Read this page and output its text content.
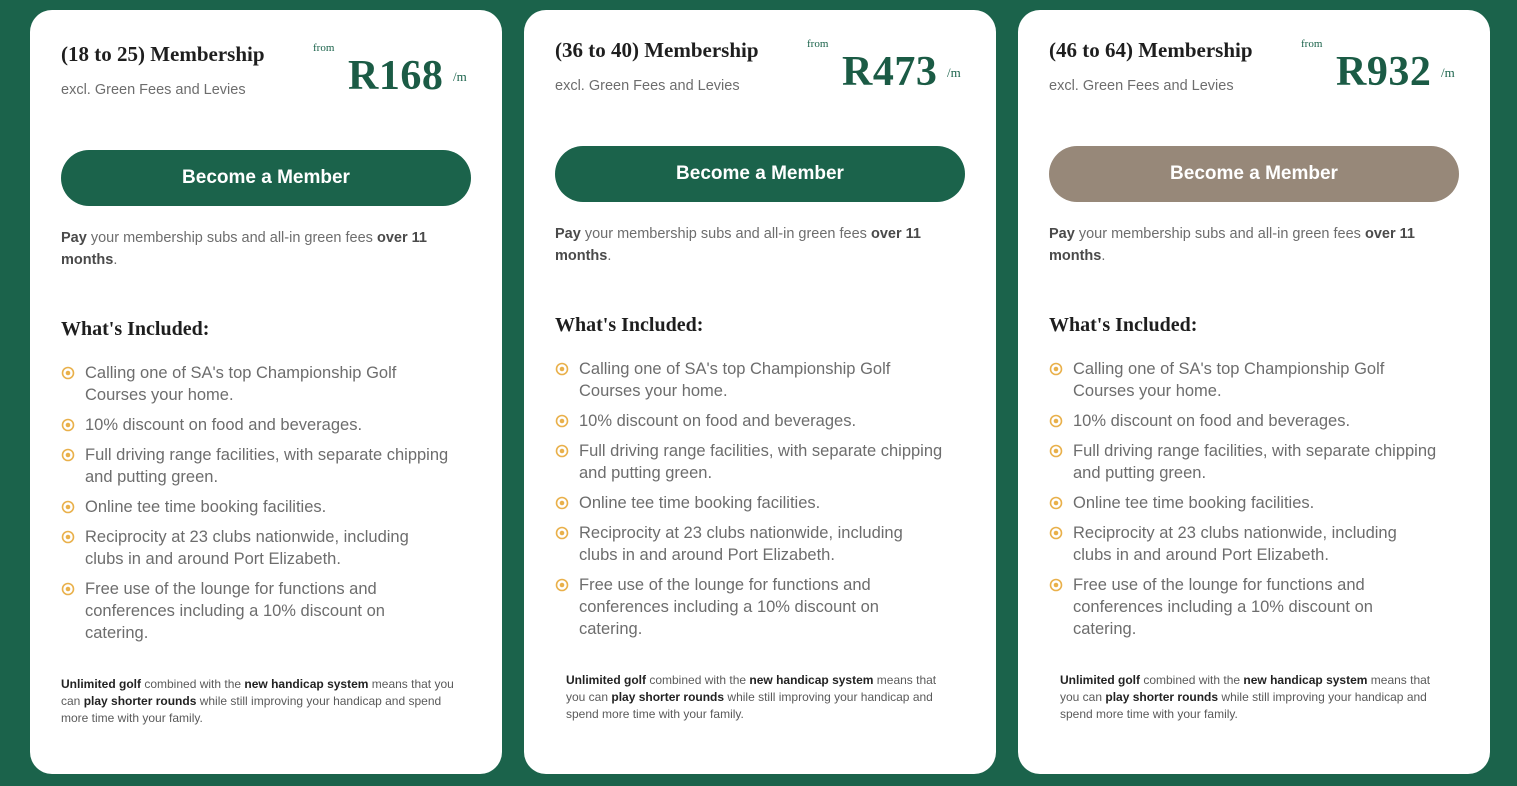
(18 to 25) Membership
excl. Green Fees and Levies
from
R168 /m
Become a Member
Pay your membership subs and all-in green fees over 11 months.
What's Included:
Calling one of SA's top Championship Golf Courses your home.
10% discount on food and beverages.
Full driving range facilities, with separate chipping and putting green.
Online tee time booking facilities.
Reciprocity at 23 clubs nationwide, including clubs in and around Port Elizabeth.
Free use of the lounge for functions and conferences including a 10% discount on catering.
Unlimited golf combined with the new handicap system means that you can play shorter rounds while still improving your handicap and spend more time with your family.
(36 to 40) Membership
excl. Green Fees and Levies
from
R473 /m
Become a Member
Pay your membership subs and all-in green fees over 11 months.
What's Included:
Calling one of SA's top Championship Golf Courses your home.
10% discount on food and beverages.
Full driving range facilities, with separate chipping and putting green.
Online tee time booking facilities.
Reciprocity at 23 clubs nationwide, including clubs in and around Port Elizabeth.
Free use of the lounge for functions and conferences including a 10% discount on catering.
Unlimited golf combined with the new handicap system means that you can play shorter rounds while still improving your handicap and spend more time with your family.
(46 to 64) Membership
excl. Green Fees and Levies
from
R932 /m
Become a Member
Pay your membership subs and all-in green fees over 11 months.
What's Included:
Calling one of SA's top Championship Golf Courses your home.
10% discount on food and beverages.
Full driving range facilities, with separate chipping and putting green.
Online tee time booking facilities.
Reciprocity at 23 clubs nationwide, including clubs in and around Port Elizabeth.
Free use of the lounge for functions and conferences including a 10% discount on catering.
Unlimited golf combined with the new handicap system means that you can play shorter rounds while still improving your handicap and spend more time with your family.
